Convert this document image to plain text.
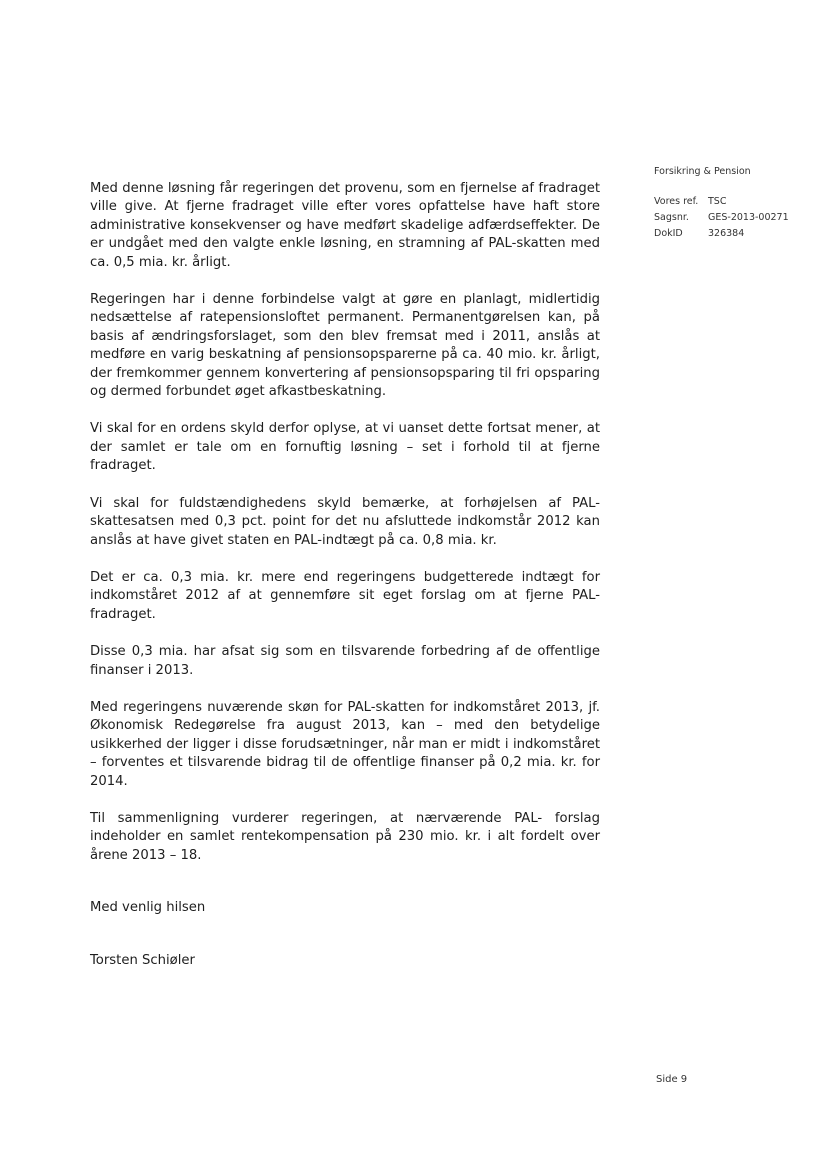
Forsikring & Pension
Vores ref.	TSC
Sagsnr.	GES-2013-00271
DokID	326384

Med denne løsning får regeringen det provenu, som en fjernelse af fradraget ville give. At fjerne fradraget ville efter vores opfattelse have haft store administrative konsekvenser og have medført skadelige adfærdseffekter. De er undgået med den valgte enkle løsning, en stramning af PAL-skatten med ca. 0,5 mia. kr. årligt.

Regeringen har i denne forbindelse valgt at gøre en planlagt, midlertidig nedsættelse af ratepensionsloftet permanent. Permanentgørelsen kan, på basis af ændringsforslaget, som den blev fremsat med i 2011, anslås at medføre en varig beskatning af pensionsopsparerne på ca. 40 mio. kr. årligt, der fremkommer gennem konvertering af pensionsopsparing til fri opsparing og dermed forbundet øget afkastbeskatning.

Vi skal for en ordens skyld derfor oplyse, at vi uanset dette fortsat mener, at der samlet er tale om en fornuftig løsning – set i forhold til at fjerne fradraget.

Vi skal for fuldstændighedens skyld bemærke, at forhøjelsen af PAL-skattesatsen med 0,3 pct. point for det nu afsluttede indkomstår 2012 kan anslås at have givet staten en PAL-indtægt på ca. 0,8 mia. kr.

Det er ca. 0,3 mia. kr. mere end regeringens budgetterede indtægt for indkomståret 2012 af at gennemføre sit eget forslag om at fjerne PAL-fradraget.

Disse 0,3 mia. har afsat sig som en tilsvarende forbedring af de offentlige finanser i 2013.

Med regeringens nuværende skøn for PAL-skatten for indkomståret 2013, jf. Økonomisk Redegørelse fra august 2013, kan – med den betydelige usikkerhed der ligger i disse forudsætninger, når man er midt i indkomståret – forventes et tilsvarende bidrag til de offentlige finanser på 0,2 mia. kr. for 2014.

Til sammenligning vurderer regeringen, at nærværende PAL- forslag indeholder en samlet rentekompensation på 230 mio. kr. i alt fordelt over årene 2013 – 18.

Med venlig hilsen

Torsten Schiøler

Side 9
